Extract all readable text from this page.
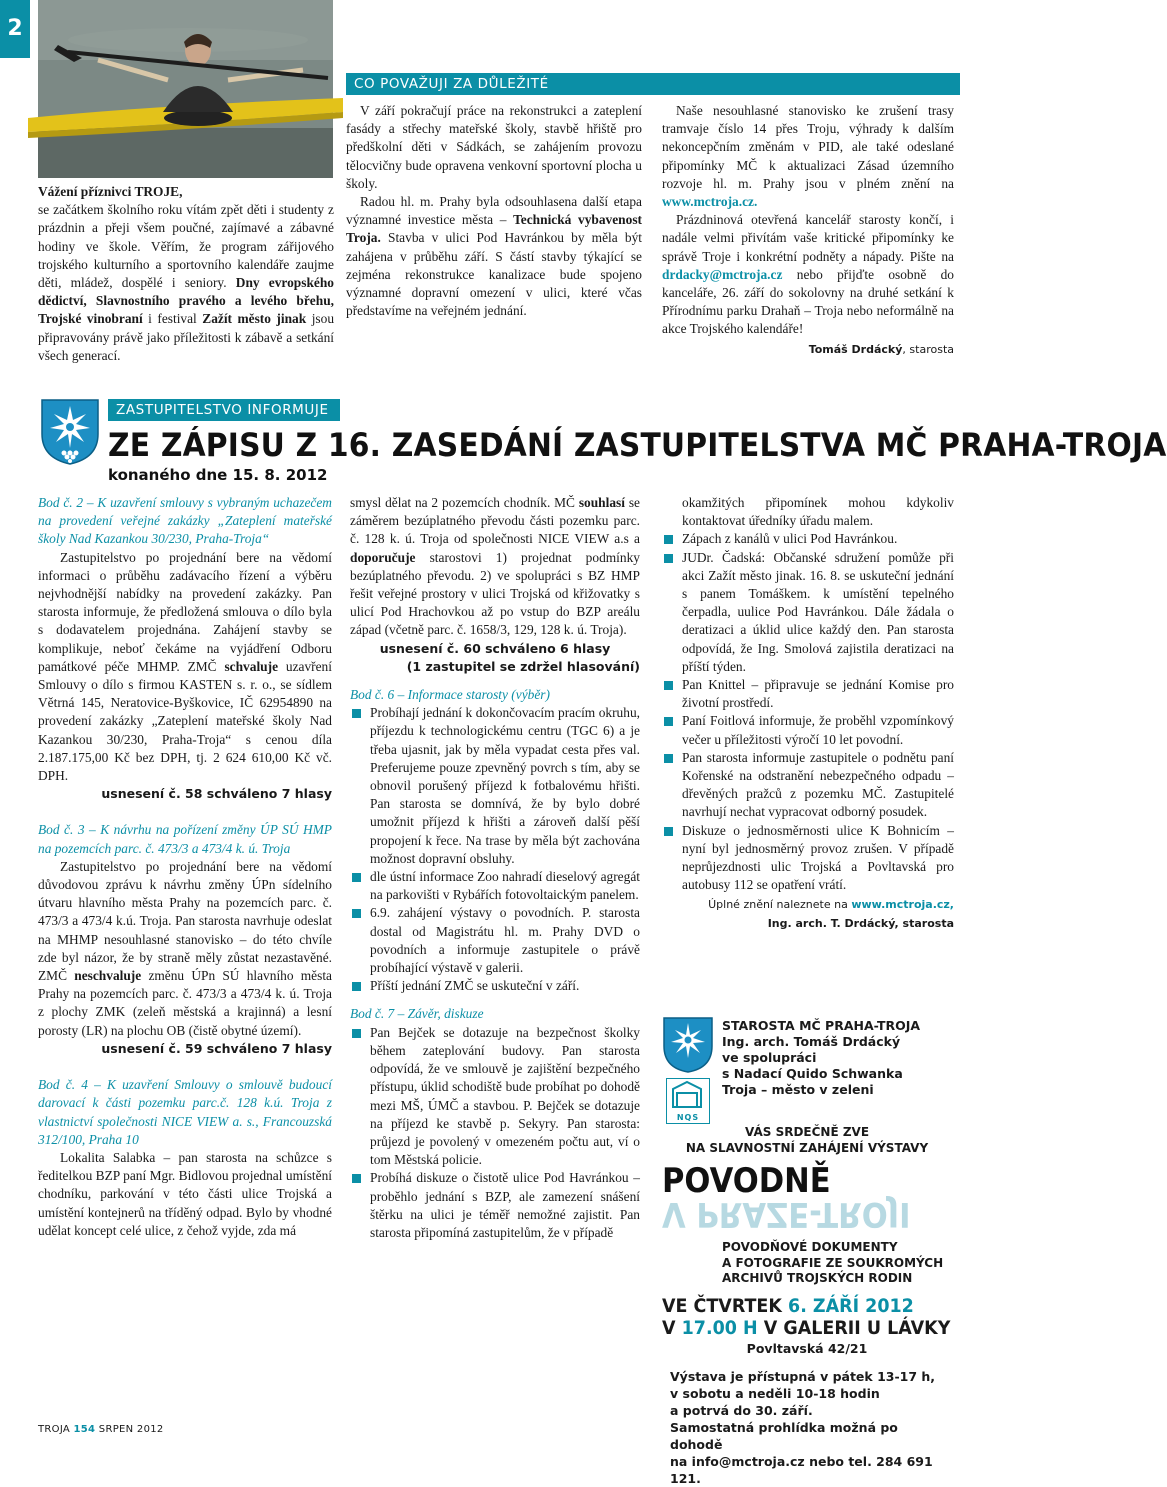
2
Vážení příznivci TROJE,
se začátkem školního roku vítám zpět děti i studenty z prázdnin a přeji všem poučné, zajímavé a zábavné hodiny ve škole. Věřím, že program zářijového trojského kulturního a sportovního kalendáře zaujme děti, mládež, dospělé i seniory. Dny evropského dědictví, Slavnostního pravého a levého břehu, Trojské vinobraní i festival Zažít město jinak jsou připravovány právě jako příležitosti k zábavě a setkání všech generací.
CO POVAŽUJI ZA DŮLEŽITÉ
V září pokračují práce na rekonstrukci a zateplení fasády a střechy mateřské školy, stavbě hřiště pro předškolní děti v Sádkách, se zahájením provozu tělocvičny bude opravena venkovní sportovní plocha u školy.
Radou hl. m. Prahy byla odsouhlasena další etapa významné investice města – Technická vybavenost Troja. Stavba v ulici Pod Havránkou by měla být zahájena v průběhu září. S částí stavby týkající se zejména rekonstrukce kanalizace bude spojeno významné dopravní omezení v ulici, které včas představíme na veřejném jednání.
Naše nesouhlasné stanovisko ke zrušení trasy tramvaje číslo 14 přes Troju, výhrady k dalším nekoncepčním změnám v PID, ale také odeslané připomínky MČ k aktualizaci Zásad územního rozvoje hl. m. Prahy jsou v plném znění na www.mctroja.cz.
Prázdninová otevřená kancelář starosty končí, i nadále velmi přivítám vaše kritické připomínky ke správě Troje i konkrétní podněty a nápady. Pište na drdacky@mctroja.cz nebo přijďte osobně do kanceláře, 26. září do sokolovny na druhé setkání k Přírodnímu parku Drahaň – Troja nebo neformálně na akce Trojského kalendáře!
Tomáš Drdácký, starosta
ZASTUPITELSTVO INFORMUJE
ZE ZÁPISU Z 16. ZASEDÁNÍ ZASTUPITELSTVA MČ PRAHA-TROJA
konaného dne 15. 8. 2012
Bod č. 2 – K uzavření smlouvy s vybraným uchazečem na provedení veřejné zakázky „Zateplení mateřské školy Nad Kazankou 30/230, Praha-Troja“
Zastupitelstvo po projednání bere na vědomí informaci o průběhu zadávacího řízení a výběru nejvhodnější nabídky na provedení zakázky. Pan starosta informuje, že předložená smlouva o dílo byla s dodavatelem projednána. Zahájení stavby se komplikuje, neboť čekáme na vyjádření Odboru památkové péče MHMP. ZMČ schvaluje uzavření Smlouvy o dílo s firmou KASTEN s. r. o., se sídlem Větrná 145, Neratovice-Byškovice, IČ 62954890 na provedení zakázky „Zateplení mateřské školy Nad Kazankou 30/230, Praha-Troja“ s cenou díla 2.187.175,00 Kč bez DPH, tj. 2 624 610,00 Kč vč. DPH.
usnesení č. 58 schváleno 7 hlasy
Bod č. 3 – K návrhu na pořízení změny ÚP SÚ HMP na pozemcích parc. č. 473/3 a 473/4 k. ú. Troja
Zastupitelstvo po projednání bere na vědomí důvodovou zprávu k návrhu změny ÚPn sídelního útvaru hlavního města Prahy na pozemcích parc. č. 473/3 a 473/4 k.ú. Troja. Pan starosta navrhuje odeslat na MHMP nesouhlasné stanovisko – do této chvíle zde byl názor, že by straně měly zůstat nezastavěné. ZMČ neschvaluje změnu ÚPn SÚ hlavního města Prahy na pozemcích parc. č. 473/3 a 473/4 k. ú. Troja z plochy ZMK (zeleň městská a krajinná) a lesní porosty (LR) na plochu OB (čistě obytné území).
usnesení č. 59 schváleno 7 hlasy
Bod č. 4 – K uzavření Smlouvy o smlouvě budoucí darovací k části pozemku parc.č. 128 k.ú. Troja z vlastnictví společnosti NICE VIEW a. s., Francouzská 312/100, Praha 10
Lokalita Salabka – pan starosta na schůzce s ředitelkou BZP paní Mgr. Bidlovou projednal umístění chodníku, parkování v této části ulice Trojská a umístění kontejnerů na tříděný odpad. Bylo by vhodné udělat koncept celé ulice, z čehož vyjde, zda má
smysl dělat na 2 pozemcích chodník. MČ souhlasí se záměrem bezúplatného převodu části pozemku parc. č. 128 k. ú. Troja od společnosti NICE VIEW a.s a doporučuje starostovi 1) projednat podmínky bezúplatného převodu. 2) ve spolupráci s BZ HMP řešit veřejné prostory v ulici Trojská od křižovatky s ulicí Pod Hrachovkou až po vstup do BZP areálu západ (včetně parc. č. 1658/3, 129, 128 k. ú. Troja).
usnesení č. 60 schváleno 6 hlasy
(1 zastupitel se zdržel hlasování)
Bod č. 6 – Informace starosty (výběr)
Probíhají jednání k dokončovacím pracím okruhu, příjezdu k technologickému centru (TGC 6) a je třeba ujasnit, jak by měla vypadat cesta přes val. Preferujeme pouze zpevněný povrch s tím, aby se obnovil porušený příjezd k fotbalovému hřišti. Pan starosta se domnívá, že by bylo dobré umožnit příjezd k hřišti a zároveň další pěší propojení k řece. Na trase by měla být zachována možnost dopravní obsluhy.
dle ústní informace Zoo nahradí dieselový agregát na parkovišti v Rybářích fotovoltaickým panelem.
6.9. zahájení výstavy o povodních. P. starosta dostal od Magistrátu hl. m. Prahy DVD o povodních a informuje zastupitele o právě probíhající výstavě v galerii.
Příští jednání ZMČ se uskuteční v září.
Bod č. 7 – Závěr, diskuze
Pan Bejček se dotazuje na bezpečnost školky během zateplování budovy. Pan starosta odpovídá, že ve smlouvě je zajištění bezpečného přístupu, úklid schodiště bude probíhat po dohodě mezi MŠ, ÚMČ a stavbou. P. Bejček se dotazuje na příjezd ke stavbě p. Sekyry. Pan starosta: průjezd je povolený v omezeném počtu aut, ví o tom Městská policie.
Probíhá diskuze o čistotě ulice Pod Havránkou – proběhlo jednání s BZP, ale zamezení snášení štěrku na ulici je téměř nemožné zajistit. Pan starosta připomíná zastupitelům, že v případě
okamžitých připomínek mohou kdykoliv kontaktovat úředníky úřadu malem.
Zápach z kanálů v ulici Pod Havránkou.
JUDr. Čadská: Občanské sdružení pomůže při akci Zažít město jinak. 16. 8. se uskuteční jednání s panem Tomáškem. k umístění tepelného čerpadla, uulice Pod Havránkou. Dále žádala o deratizaci a úklid ulice každý den. Pan starosta odpovídá, že Ing. Smolová zajistila deratizaci na příští týden.
Pan Knittel – připravuje se jednání Komise pro životní prostředí.
Paní Foitlová informuje, že proběhl vzpomínkový večer u příležitosti výročí 10 let povodní.
Pan starosta informuje zastupitele o podnětu paní Kořenské na odstranění nebezpečného odpadu – dřevěných pražců z pozemku MČ. Zastupitelé navrhují nechat vypracovat odborný posudek.
Diskuze o jednosměrnosti ulice K Bohnicím – nyní byl jednosměrný provoz zrušen. V případě neprůjezdnosti ulic Trojská a Povltavská pro autobusy 112 se opatření vrátí.
Úplné znění naleznete na www.mctroja.cz,
Ing. arch. T. Drdácký, starosta
NQS
STAROSTA MČ PRAHA-TROJA
Ing. arch. Tomáš Drdácký
ve spolupráci
s Nadací Quido Schwanka
Troja – město v zeleni
VÁS SRDEČNĚ ZVE
NA SLAVNOSTNÍ ZAHÁJENÍ VÝSTAVY
POVODNĚ
V PRAZE-TROJI
POVODŇOVÉ DOKUMENTY
A FOTOGRAFIE ZE SOUKROMÝCH
ARCHIVŮ TROJSKÝCH RODIN
VE ČTVRTEK 6. ZÁŘÍ 2012
V 17.00 H V GALERII U LÁVKY
Povltavská 42/21
Výstava je přístupná v pátek 13-17 h,
v sobotu a neděli 10-18 hodin
a potrvá do 30. září.
Samostatná prohlídka možná po dohodě
na info@mctroja.cz nebo tel. 284 691 121.
TROJA 154 SRPEN 2012
